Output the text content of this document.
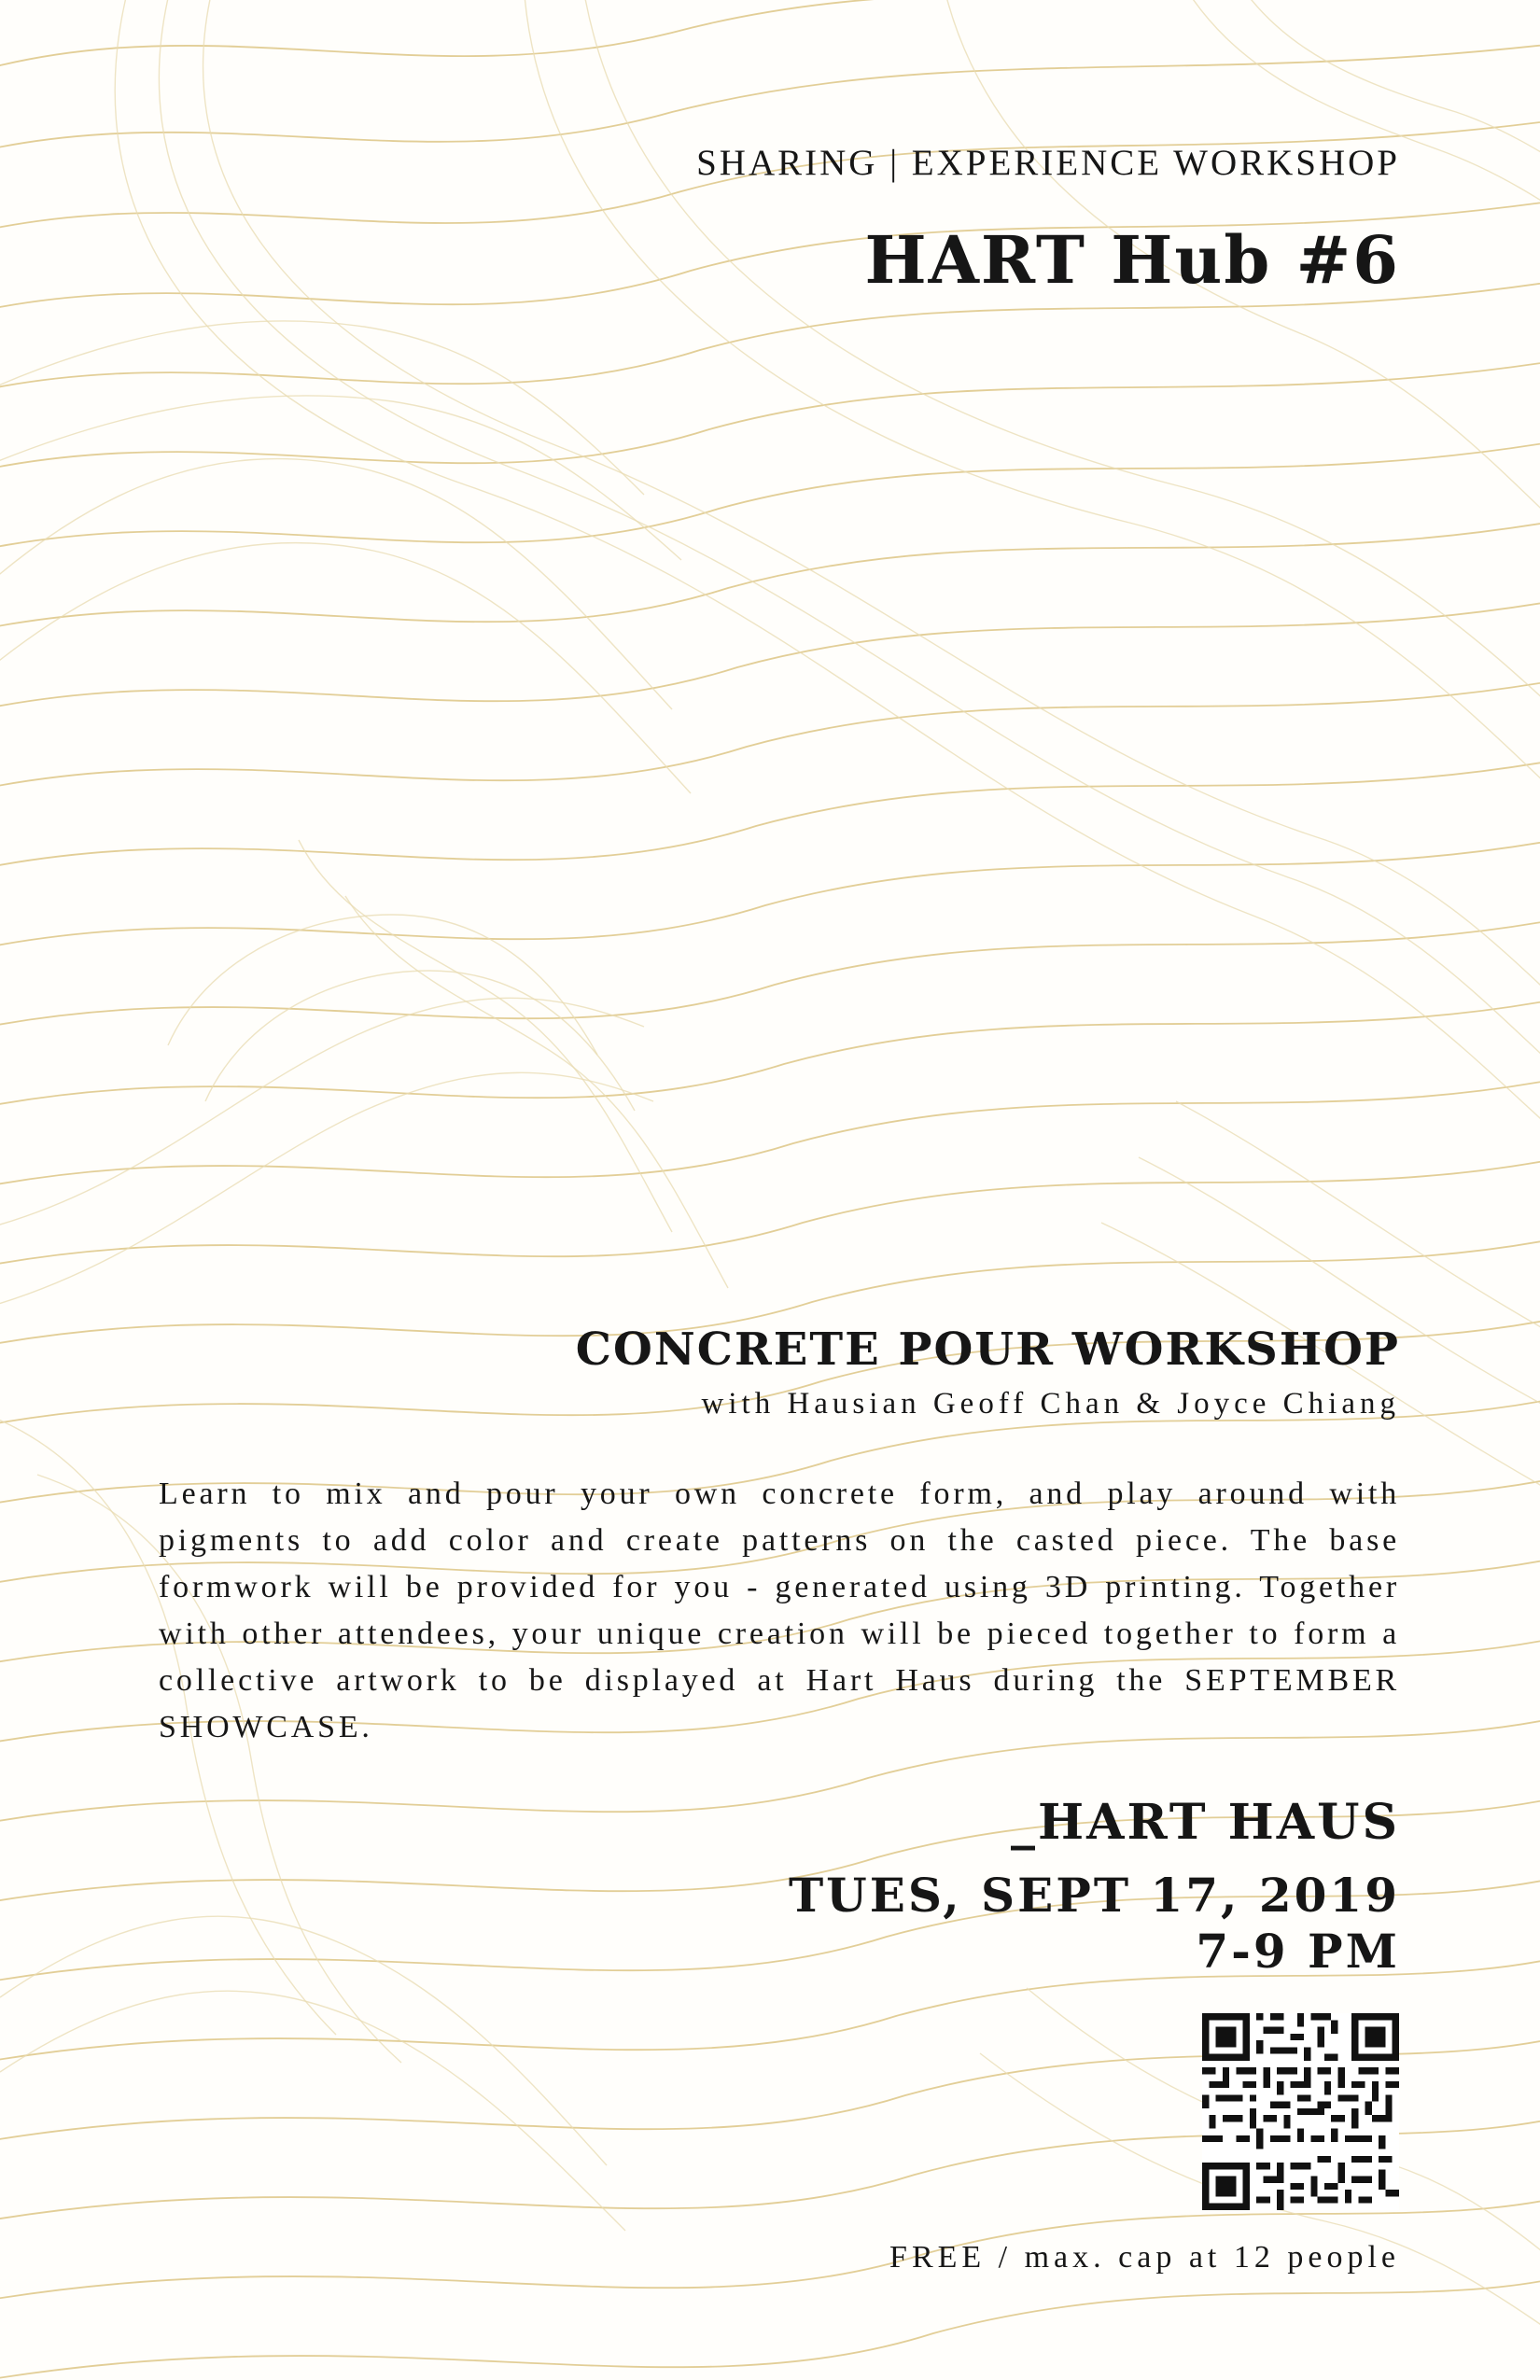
SHARING | EXPERIENCE WORKSHOP
HART Hub #6
CONCRETE POUR WORKSHOP
with Hausian Geoff Chan & Joyce Chiang

Learn to mix and pour your own concrete form, and play around with pigments to add color and create patterns on the casted piece. The base formwork will be provided for you - generated using 3D printing. Together with other attendees, your unique creation will be pieced together to form a collective artwork to be displayed at Hart Haus during the SEPTEMBER SHOWCASE.

_HART HAUS
TUES, SEPT 17, 2019
7-9 PM
FREE / max. cap at 12 people
